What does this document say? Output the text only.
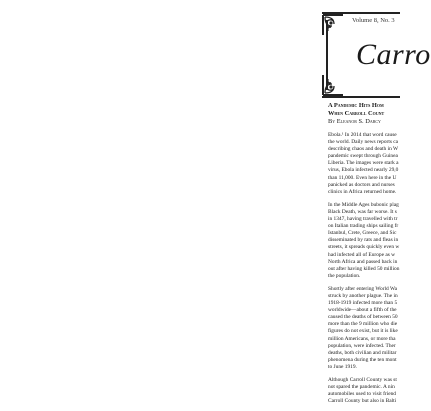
Volume 8, No. 3
Carro

A Pandemic Hits Hom
When Carroll Count

By Eleanor S. Darcy

Ebola.¹ In 2014 that word cause
the world. Daily news reports ca
describing chaos and death in W
pandemic swept through Guinea
Liberia. The images were stark a
virus, Ebola infected nearly 29,0
than 11,000. Even here in the U
panicked as doctors and nurses
clinics in Africa returned home.

In the Middle Ages bubonic plag
Black Death, was far worse. It s
in 1347, having travelled with tr
on Italian trading ships sailing fr
Istanbul, Crete, Greece, and Sic
disseminated by rats and fleas in
streets, it spreads quickly even w
had infected all of Europe as w
North Africa and passed back in
out after having killed 50 million
the population.

Shortly after entering World Wa
struck by another plague. The in
1918-1919 infected more than 5
worldwide—about a fifth of the
caused the deaths of between 50
more than the 9 million who die
figures do not exist, but it is like
million Americans, or more tha
population, were infected. Ther
deaths, both civilian and militar
phenomena during the ten mont
to June 1919.

Although Carroll County was st
not spared the pandemic. A nin
automobiles used to visit friend
Carroll County but also in Balti
